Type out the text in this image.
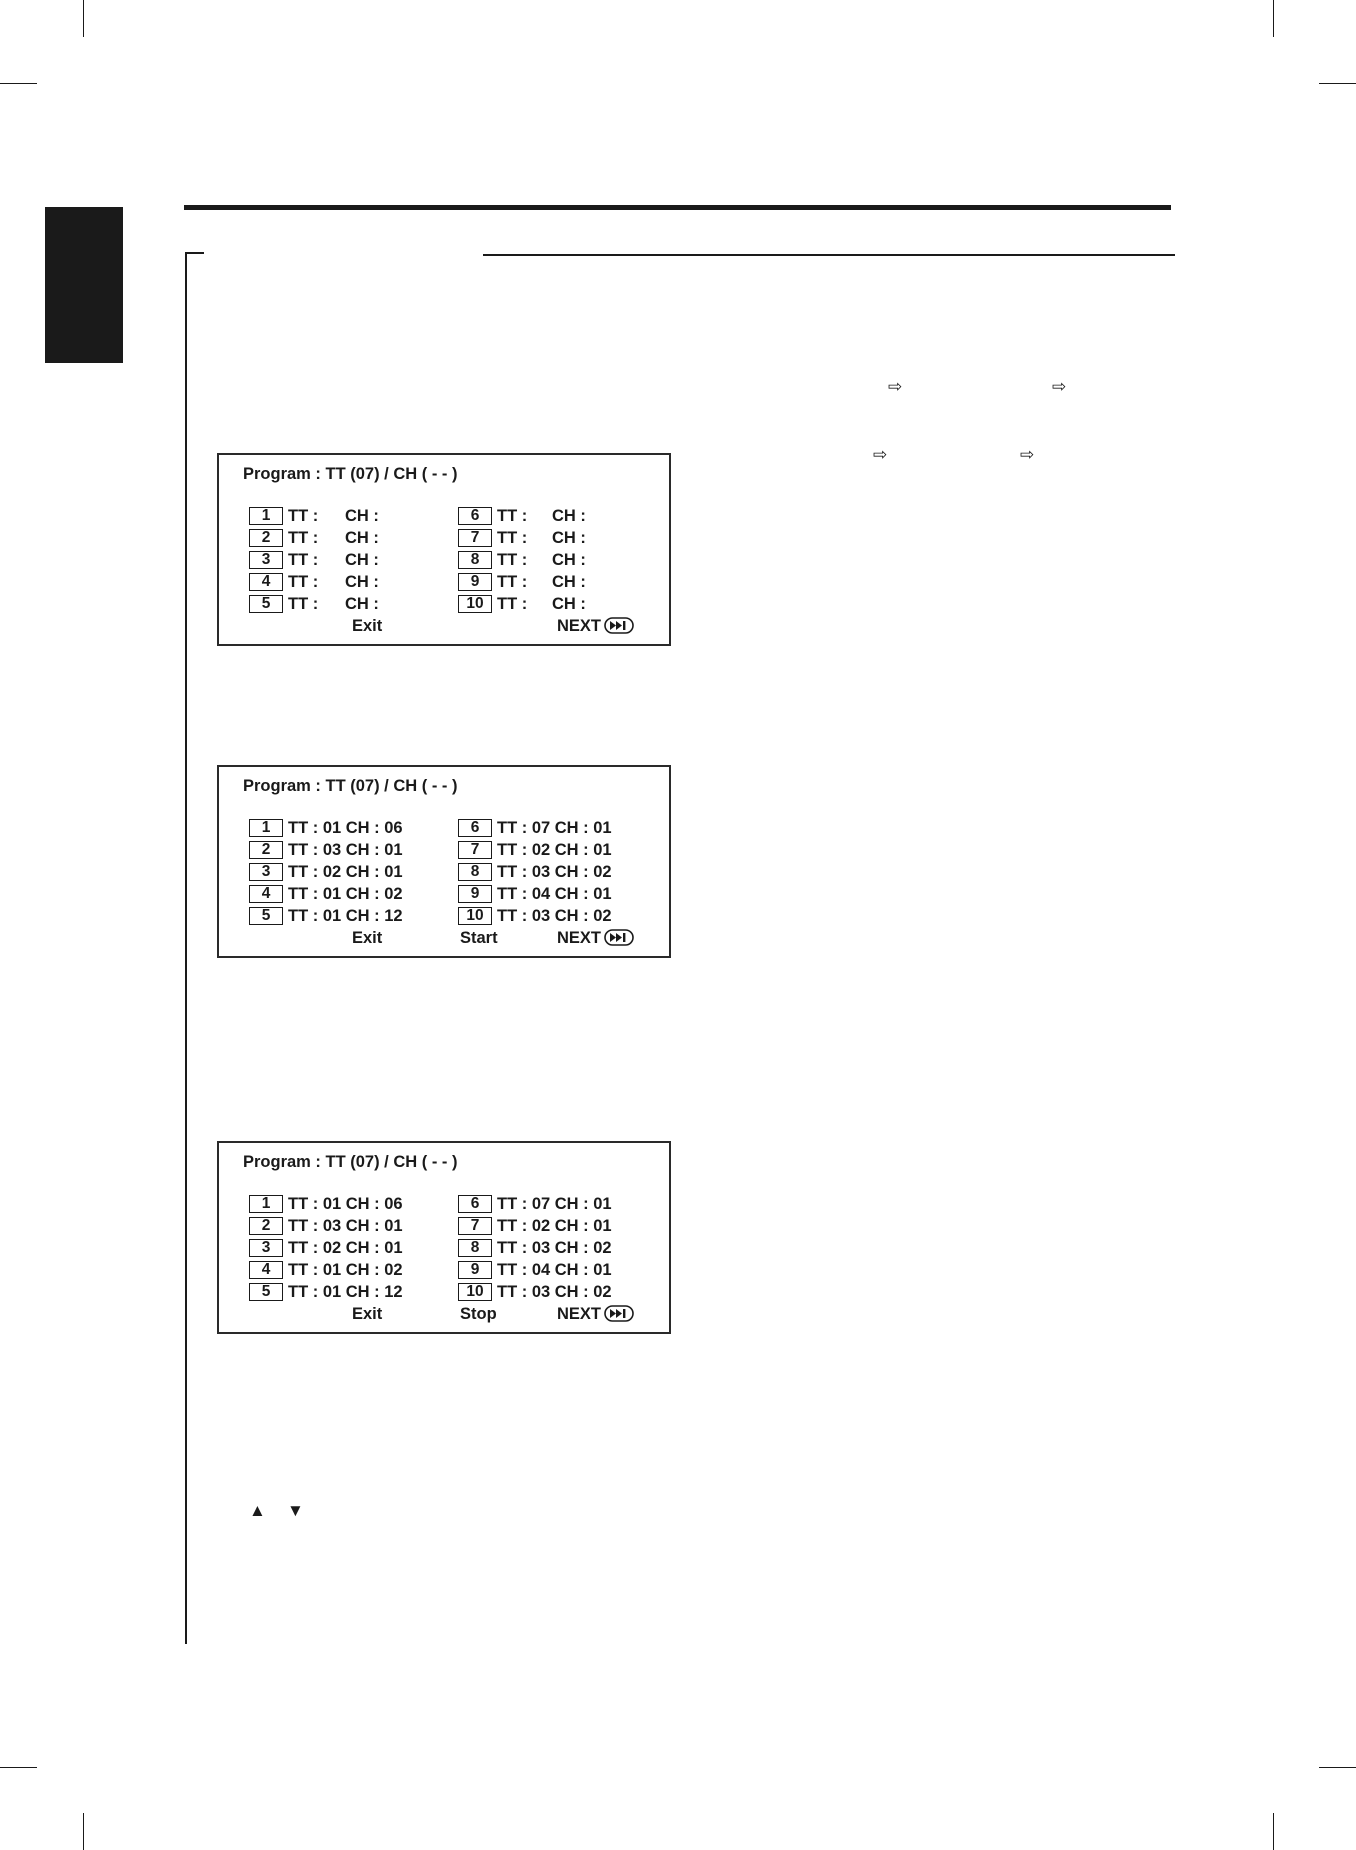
⇨	⇨
⇨	⇨
Program : TT (07) / CH ( - - )
1	TT : CH :
2	TT : CH :
3	TT : CH :
4	TT : CH :
5	TT : CH :
6	TT : CH :
7	TT : CH :
8	TT : CH :
9	TT : CH :
10 TT : CH :
Exit	NEXT
Program : TT (07) / CH ( - - )
1	TT : 01 CH : 06
2	TT : 03 CH : 01
3	TT : 02 CH : 01
4	TT : 01 CH : 02
5	TT : 01 CH : 12
6	TT : 07 CH : 01
7	TT : 02 CH : 01
8	TT : 03 CH : 02
9	TT : 04 CH : 01
10 TT : 03 CH : 02
Exit	Start	NEXT
Program : TT (07) / CH ( - - )
1	TT : 01 CH : 06
2	TT : 03 CH : 01
3	TT : 02 CH : 01
4	TT : 01 CH : 02
5	TT : 01 CH : 12
6	TT : 07 CH : 01
7	TT : 02 CH : 01
8	TT : 03 CH : 02
9	TT : 04 CH : 01
10 TT : 03 CH : 02
Exit	Stop	NEXT
▲ ▼
